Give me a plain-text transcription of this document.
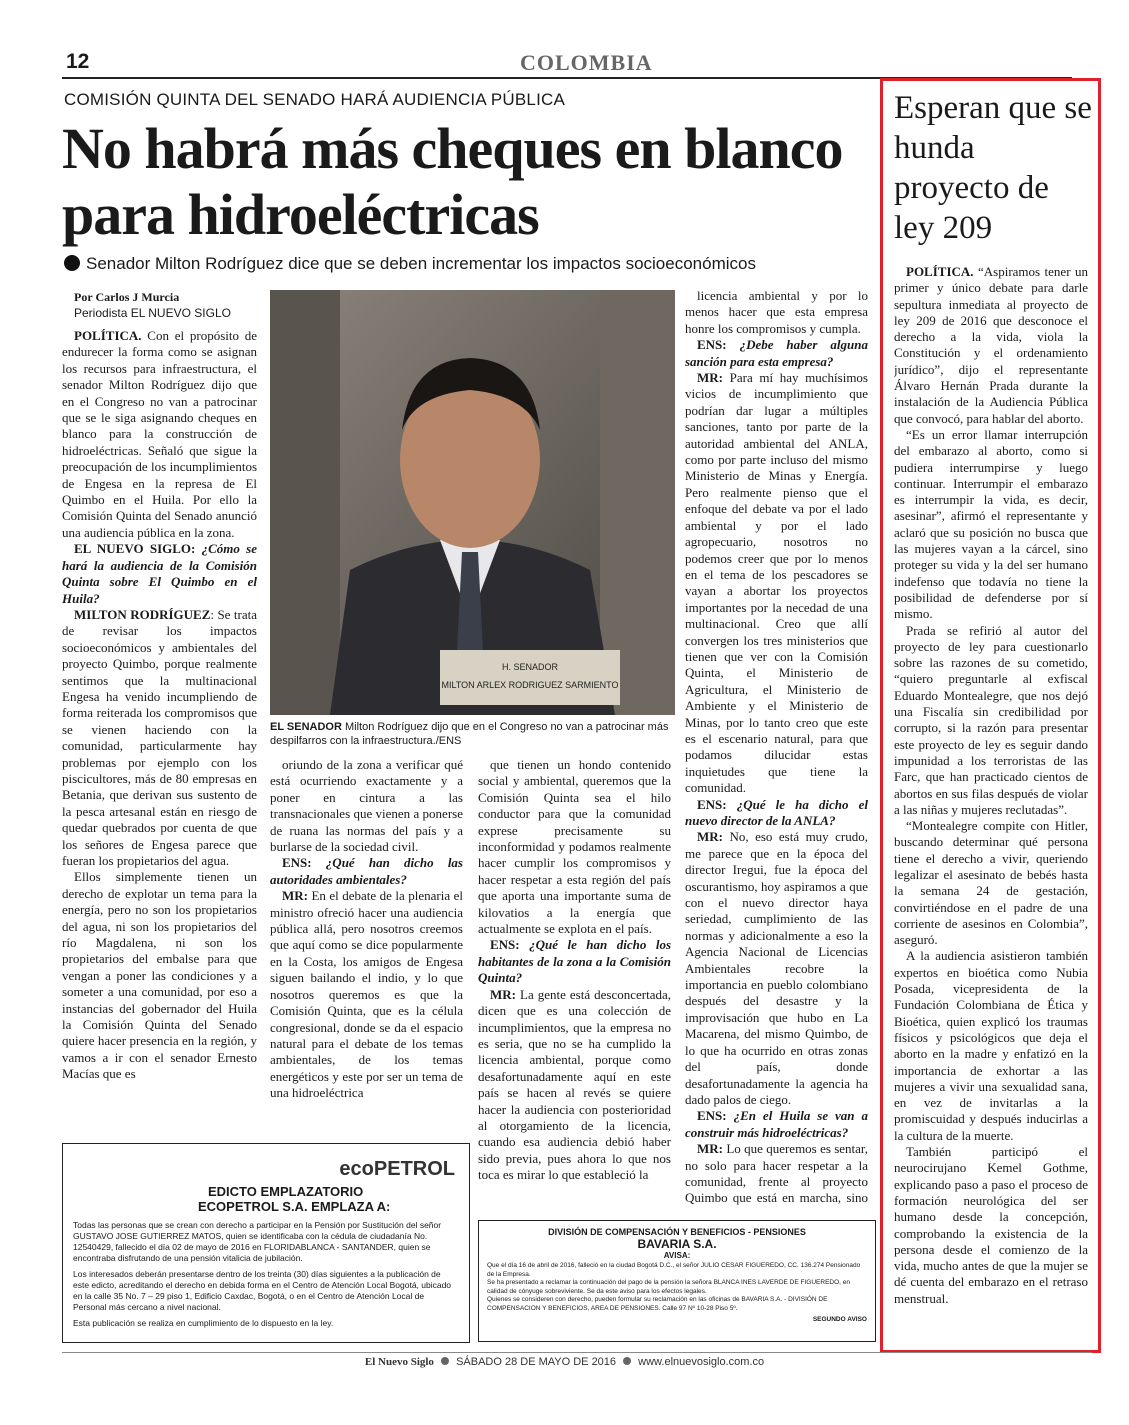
12	COLOMBIA
COMISIÓN QUINTA DEL SENADO HARÁ AUDIENCIA PÚBLICA
No habrá más cheques en blanco para hidroeléctricas
Senador Milton Rodríguez dice que se deben incrementar los impactos socioeconómicos
Por Carlos J Murcia
Periodista EL NUEVO SIGLO

POLÍTICA. Con el propósito de endurecer la forma como se asignan los recursos para infraestructura, el senador Milton Rodríguez dijo que en el Congreso no van a patrocinar que se le siga asignando cheques en blanco para la construcción de hidroeléctricas. Señaló que sigue la preocupación de los incumplimientos de Engesa en la represa de El Quimbo en el Huila. Por ello la Comisión Quinta del Senado anunció una audiencia pública en la zona.

EL NUEVO SIGLO: ¿Cómo se hará la audiencia de la Comisión Quinta sobre El Quimbo en el Huila?

MILTON RODRÍGUEZ: Se trata de revisar los impactos socioeconómicos y ambientales del proyecto Quimbo, porque realmente sentimos que la multinacional Engesa ha venido incumpliendo de forma reiterada los compromisos que se vienen haciendo con la comunidad, particularmente hay problemas por ejemplo con los piscicultores, más de 80 empresas en Betania, que derivan sus sustento de la pesca artesanal están en riesgo de quedar quebrados por cuenta de que los señores de Engesa parece que fueran los propietarios del agua.

Ellos simplemente tienen un derecho de explotar un tema para la energía, pero no son los propietarios del agua, ni son los propietarios del río Magdalena, ni son los propietarios del embalse para que vengan a poner las condiciones y a someter a una comunidad, por eso a instancias del gobernador del Huila la Comisión Quinta del Senado quiere hacer presencia en la región, y vamos a ir con el senador Ernesto Macías que es

oriundo de la zona a verificar qué está ocurriendo exactamente y a poner en cintura a las transnacionales que vienen a ponerse de ruana las normas del país y a burlarse de la sociedad civil.

ENS: ¿Qué han dicho las autoridades ambientales?

MR: En el debate de la plenaria el ministro ofreció hacer una audiencia pública allá, pero nosotros creemos que aquí como se dice popularmente en la Costa, los amigos de Engesa siguen bailando el indio, y lo que nosotros queremos es que la Comisión Quinta, que es la célula congresional, donde se da el espacio natural para el debate de los temas ambientales, de los temas energéticos y este por ser un tema de una hidroeléctrica

que tienen un hondo contenido social y ambiental, queremos que la Comisión Quinta sea el hilo conductor para que la comunidad exprese precisamente su inconformidad y podamos realmente hacer cumplir los compromisos y hacer respetar a esta región del país que aporta una importante suma de kilovatios a la energía que actualmente se explota en el país.

ENS: ¿Qué le han dicho los habitantes de la zona a la Comisión Quinta?

MR: La gente está desconcertada, dicen que es una colección de incumplimientos, que la empresa no es seria, que no se ha cumplido la licencia ambiental, porque como desafortunadamente aquí en este país se hacen al revés se quiere hacer la audiencia con posterioridad al otorgamiento de la licencia, cuando esa audiencia debió haber sido previa, pues ahora lo que nos toca es mirar lo que estableció la

licencia ambiental y por lo menos hacer que esta empresa honre los compromisos y cumpla.

ENS: ¿Debe haber alguna sanción para esta empresa?

MR: Para mí hay muchísimos vicios de incumplimiento que podrían dar lugar a múltiples sanciones, tanto por parte de la autoridad ambiental del ANLA, como por parte incluso del mismo Ministerio de Minas y Energía. Pero realmente pienso que el enfoque del debate va por el lado ambiental y por el lado agropecuario, nosotros no podemos creer que por lo menos en el tema de los pescadores se vayan a abortar los proyectos importantes por la necedad de una multinacional. Creo que allí convergen los tres ministerios que tienen que ver con la Comisión Quinta, el Ministerio de Agricultura, el Ministerio de Ambiente y el Ministerio de Minas, por lo tanto creo que este es el escenario natural, para que podamos dilucidar estas inquietudes que tiene la comunidad.

ENS: ¿Qué le ha dicho el nuevo director de la ANLA?

MR: No, eso está muy crudo, me parece que en la época del director Iregui, fue la época del oscurantismo, hoy aspiramos a que con el nuevo director haya seriedad, cumplimiento de las normas y adicionalmente a eso la Agencia Nacional de Licencias Ambientales recobre la importancia en pueblo colombiano después del desastre y la improvisación que hubo en La Macarena, del mismo Quimbo, de lo que ha ocurrido en otras zonas del país, donde desafortunadamente la agencia ha dado palos de ciego.

ENS: ¿En el Huila se van a construir más hidroeléctricas?

MR: Lo que queremos es sentar, no solo para hacer respetar a la comunidad, frente al proyecto Quimbo que está en marcha, sino

H. SENADOR
MILTON ARLEX RODRIGUEZ SARMIENTO
EL SENADOR Milton Rodríguez dijo que en el Congreso no van a patrocinar más despilfarros con la infraestructura./ENS
Esperan que se hunda proyecto de ley 209

POLÍTICA. “Aspiramos tener un primer y único debate para darle sepultura inmediata al proyecto de ley 209 de 2016 que desconoce el derecho a la vida, viola la Constitución y el ordenamiento jurídico”, dijo el representante Álvaro Hernán Prada durante la instalación de la Audiencia Pública que convocó, para hablar del aborto.

“Es un error llamar interrupción del embarazo al aborto, como si pudiera interrumpirse y luego continuar. Interrumpir el embarazo es interrumpir la vida, es decir, asesinar”, afirmó el representante y aclaró que su posición no busca que las mujeres vayan a la cárcel, sino proteger su vida y la del ser humano indefenso que todavía no tiene la posibilidad de defenderse por sí mismo.

Prada se refirió al autor del proyecto de ley para cuestionarlo sobre las razones de su cometido, “quiero preguntarle al exfiscal Eduardo Montealegre, que nos dejó una Fiscalía sin credibilidad por corrupto, si la razón para presentar este proyecto de ley es seguir dando impunidad a los terroristas de las Farc, que han practicado cientos de abortos en sus filas después de violar a las niñas y mujeres reclutadas”.

“Montealegre compite con Hitler, buscando determinar qué persona tiene el derecho a vivir, queriendo legalizar el asesinato de bebés hasta la semana 24 de gestación, convirtiéndose en el padre de una corriente de asesinos en Colombia”, aseguró.

A la audiencia asistieron también expertos en bioética como Nubia Posada, vicepresidenta de la Fundación Colombiana de Ética y Bioética, quien explicó los traumas físicos y psicológicos que deja el aborto en la madre y enfatizó en la importancia de exhortar a las mujeres a vivir una sexualidad sana, en vez de invitarlas a la promiscuidad y después inducirlas a la cultura de la muerte.

También participó el neurocirujano Kemel Gothme, explicando paso a paso el proceso de formación neurológica del ser humano desde la concepción, comprobando la existencia de la persona desde el comienzo de la vida, mucho antes de que la mujer se dé cuenta del embarazo en el retraso menstrual.

ecoPETROL
EDICTO EMPLAZATORIO
ECOPETROL S.A. EMPLAZA A:

Todas las personas que se crean con derecho a participar en la Pensión por Sustitución del señor GUSTAVO JOSE GUTIERREZ MATOS, quien se identificaba con la cédula de ciudadanía No. 12540429, fallecido el día 02 de mayo de 2016 en FLORIDABLANCA - SANTANDER, quien se encontraba disfrutando de una pensión vitalicia de jubilación.

Los interesados deberán presentarse dentro de los treinta (30) días siguientes a la publicación de este edicto, acreditando el derecho en debida forma en el Centro de Atención Local Bogotá, ubicado en la calle 35 No. 7 – 29 piso 1, Edificio Caxdac, Bogotá, o en el Centro de Atención Local de Personal más cercano a nivel nacional.

Esta publicación se realiza en cumplimiento de lo dispuesto en la ley.

DIVISIÓN DE COMPENSACIÓN Y BENEFICIOS - PENSIONES
BAVARIA S.A.
AVISA:

Que el día 16 de abril de 2016, falleció en la ciudad Bogotá D.C., el señor JULIO CESAR FIGUEREDO, CC. 136.274 Pensionado de la Empresa.

Se ha presentado a reclamar la continuación del pago de la pensión la señora BLANCA INES LAVERDE DE FIGUEREDO, en calidad de cónyuge sobreviviente. Se da este aviso para los efectos legales.

Quienes se consideren con derecho, pueden formular su reclamación en las oficinas de BAVARIA S.A. - DIVISIÓN DE COMPENSACION Y BENEFICIOS, AREA DE PENSIONES. Calle 97 Nº 10-28 Piso 5º.

SEGUNDO AVISO
El Nuevo Siglo SÁBADO 28 DE MAYO DE 2016 www.elnuevosiglo.com.co
